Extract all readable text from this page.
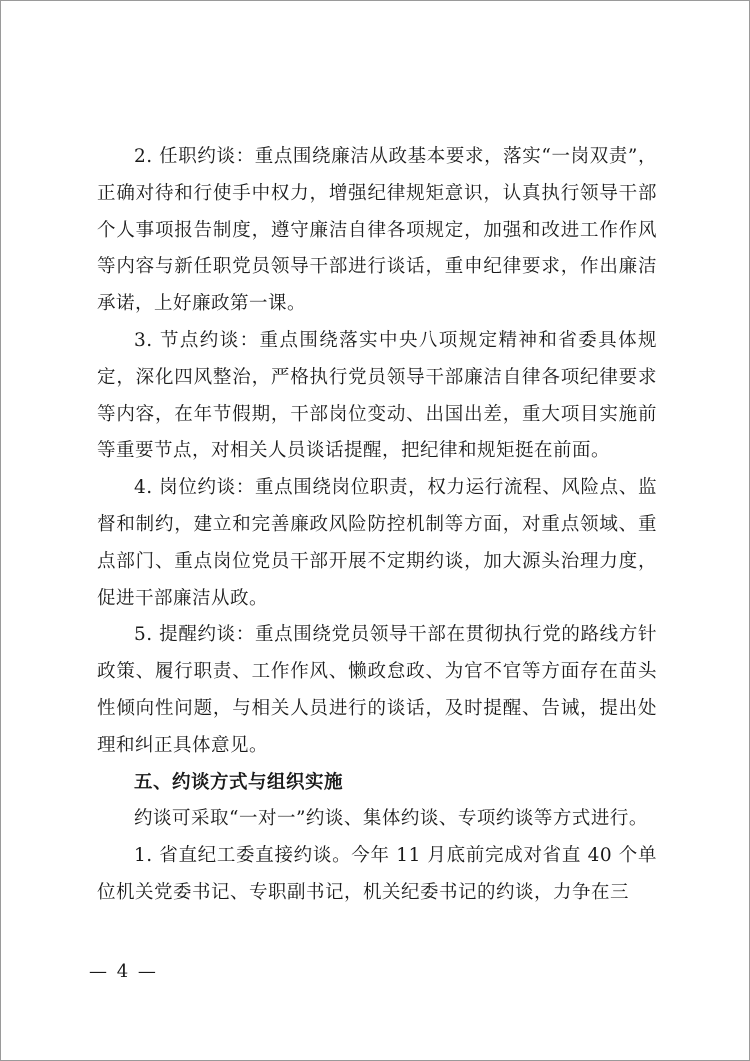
2. 任职约谈：重点围绕廉洁从政基本要求，落实“一岗双责”，正确对待和行使手中权力，增强纪律规矩意识，认真执行领导干部个人事项报告制度，遵守廉洁自律各项规定，加强和改进工作作风等内容与新任职党员领导干部进行谈话，重申纪律要求，作出廉洁承诺，上好廉政第一课。

3. 节点约谈：重点围绕落实中央八项规定精神和省委具体规定，深化四风整治，严格执行党员领导干部廉洁自律各项纪律要求等内容，在年节假期，干部岗位变动、出国出差，重大项目实施前等重要节点，对相关人员谈话提醒，把纪律和规矩挺在前面。

4. 岗位约谈：重点围绕岗位职责，权力运行流程、风险点、监督和制约，建立和完善廉政风险防控机制等方面，对重点领域、重点部门、重点岗位党员干部开展不定期约谈，加大源头治理力度，促进干部廉洁从政。

5. 提醒约谈：重点围绕党员领导干部在贯彻执行党的路线方针政策、履行职责、工作作风、懒政怠政、为官不官等方面存在苗头性倾向性问题，与相关人员进行的谈话，及时提醒、告诫，提出处理和纠正具体意见。

五、约谈方式与组织实施

约谈可采取“一对一”约谈、集体约谈、专项约谈等方式进行。

1. 省直纪工委直接约谈。今年 11 月底前完成对省直 40 个单位机关党委书记、专职副书记，机关纪委书记的约谈，力争在三

— 4 —
